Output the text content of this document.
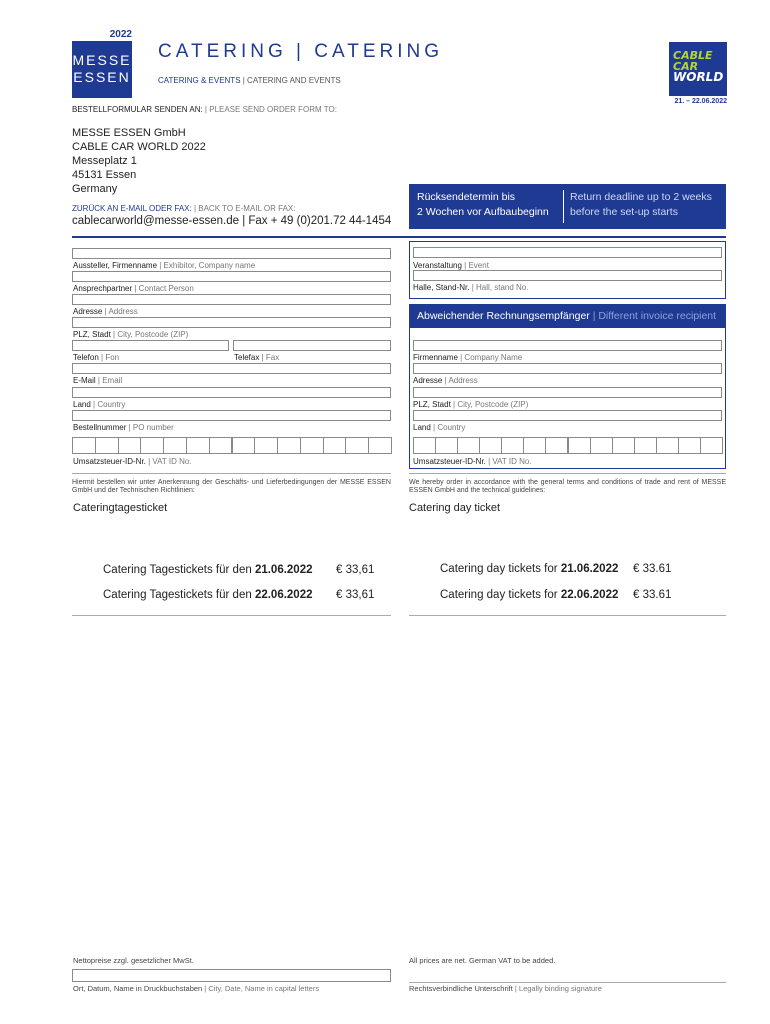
2022
MESSE
ESSEN
CATERING | CATERING
CATERING & EVENTS | CATERING AND EVENTS
CABLE
CAR
WORLD
21. – 22.06.2022
BESTELLFORMULAR SENDEN AN: | PLEASE SEND ORDER FORM TO:
MESSE ESSEN GmbH
CABLE CAR WORLD 2022
Messeplatz 1
45131 Essen
Germany
ZURÜCK AN E-MAIL ODER FAX: | BACK TO E-MAIL OR FAX:
cablecarworld@messe-essen.de | Fax + 49 (0)201.72 44-1454
Rücksendetermin bis
2 Wochen vor Aufbaubeginn
Return deadline up to 2 weeks
before the set-up starts
Aussteller, Firmenname | Exhibitor, Company name
Ansprechpartner | Contact Person
Adresse | Address
PLZ, Stadt | City, Postcode (ZIP)
Telefon | Fon	Telefax | Fax
E-Mail | Email
Land | Country
Bestellnummer | PO number
Umsatzsteuer-ID-Nr. | VAT ID No.
Veranstaltung | Event
Halle, Stand-Nr. | Hall, stand No.
Abweichender Rechnungsempfänger | Different invoice recipient
Firmenname | Company Name
Adresse | Address
PLZ, Stadt | City, Postcode (ZIP)
Land | Country
Umsatzsteuer-ID-Nr. | VAT ID No.
Hiermit bestellen wir unter Anerkennung der Geschäfts- und Lieferbedingungen der MESSE ESSEN GmbH und der Technischen Richtlinien:
We hereby order in accordance with the general terms and conditions of trade and rent of MESSE ESSEN GmbH and the technical guidelines:
Cateringtagesticket	Catering day ticket
Catering Tagestickets für den 21.06.2022 € 33,61
Catering Tagestickets für den 22.06.2022 € 33,61
Catering day tickets for 21.06.2022 € 33.61
Catering day tickets for 22.06.2022 € 33.61
Nettopreise zzgl. gesetzlicher MwSt.	All prices are net. German VAT to be added.
Ort, Datum, Name in Druckbuchstaben | City, Date, Name in capital letters	Rechtsverbindliche Unterschrift | Legally binding signature
